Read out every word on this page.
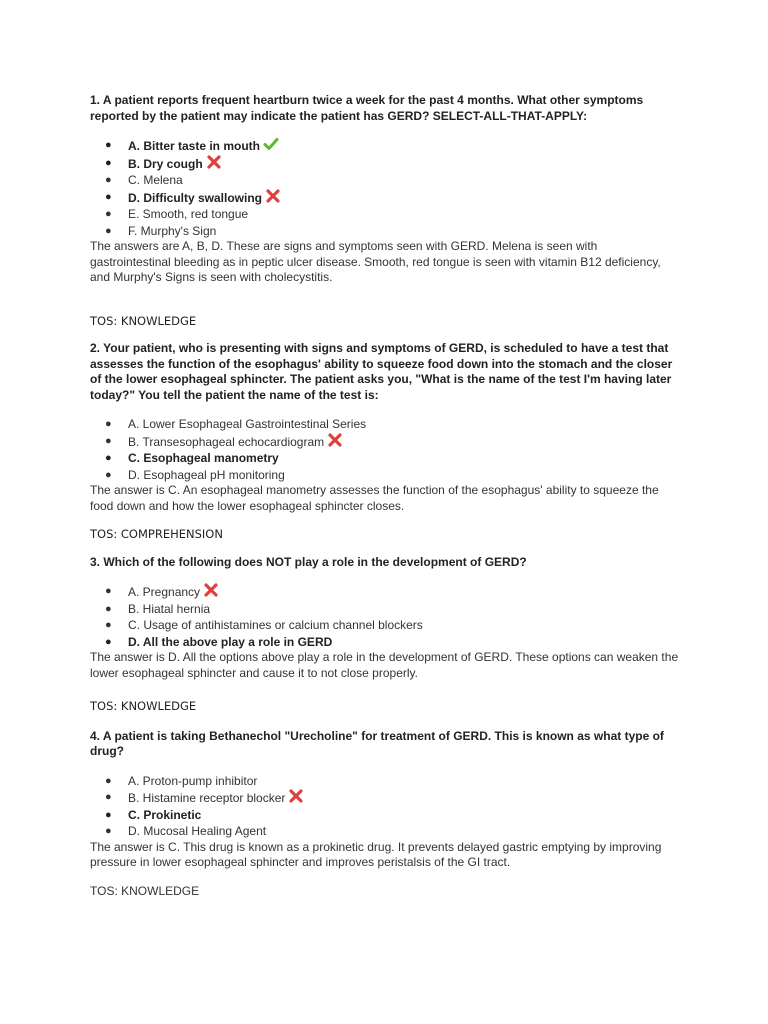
1. A patient reports frequent heartburn twice a week for the past 4 months. What other symptoms reported by the patient may indicate the patient has GERD? SELECT-ALL-THAT-APPLY:

● A. Bitter taste in mouth
● B. Dry cough
● C. Melena
● D. Difficulty swallowing
● E. Smooth, red tongue
● F. Murphy's Sign

The answers are A, B, D. These are signs and symptoms seen with GERD. Melena is seen with gastrointestinal bleeding as in peptic ulcer disease. Smooth, red tongue is seen with vitamin B12 deficiency, and Murphy's Signs is seen with cholecystitis.

TOS: KNOWLEDGE

2. Your patient, who is presenting with signs and symptoms of GERD, is scheduled to have a test that assesses the function of the esophagus' ability to squeeze food down into the stomach and the closer of the lower esophageal sphincter. The patient asks you, "What is the name of the test I'm having later today?" You tell the patient the name of the test is:

● A. Lower Esophageal Gastrointestinal Series
● B. Transesophageal echocardiogram
● C. Esophageal manometry
● D. Esophageal pH monitoring

The answer is C. An esophageal manometry assesses the function of the esophagus' ability to squeeze the food down and how the lower esophageal sphincter closes.

TOS: COMPREHENSION

3. Which of the following does NOT play a role in the development of GERD?

● A. Pregnancy
● B. Hiatal hernia
● C. Usage of antihistamines or calcium channel blockers
● D. All the above play a role in GERD

The answer is D. All the options above play a role in the development of GERD. These options can weaken the lower esophageal sphincter and cause it to not close properly.

TOS: KNOWLEDGE

4. A patient is taking Bethanechol "Urecholine" for treatment of GERD. This is known as what type of drug?

● A. Proton-pump inhibitor
● B. Histamine receptor blocker
● C. Prokinetic
● D. Mucosal Healing Agent

The answer is C. This drug is known as a prokinetic drug. It prevents delayed gastric emptying by improving pressure in lower esophageal sphincter and improves peristalsis of the GI tract.

TOS: KNOWLEDGE
